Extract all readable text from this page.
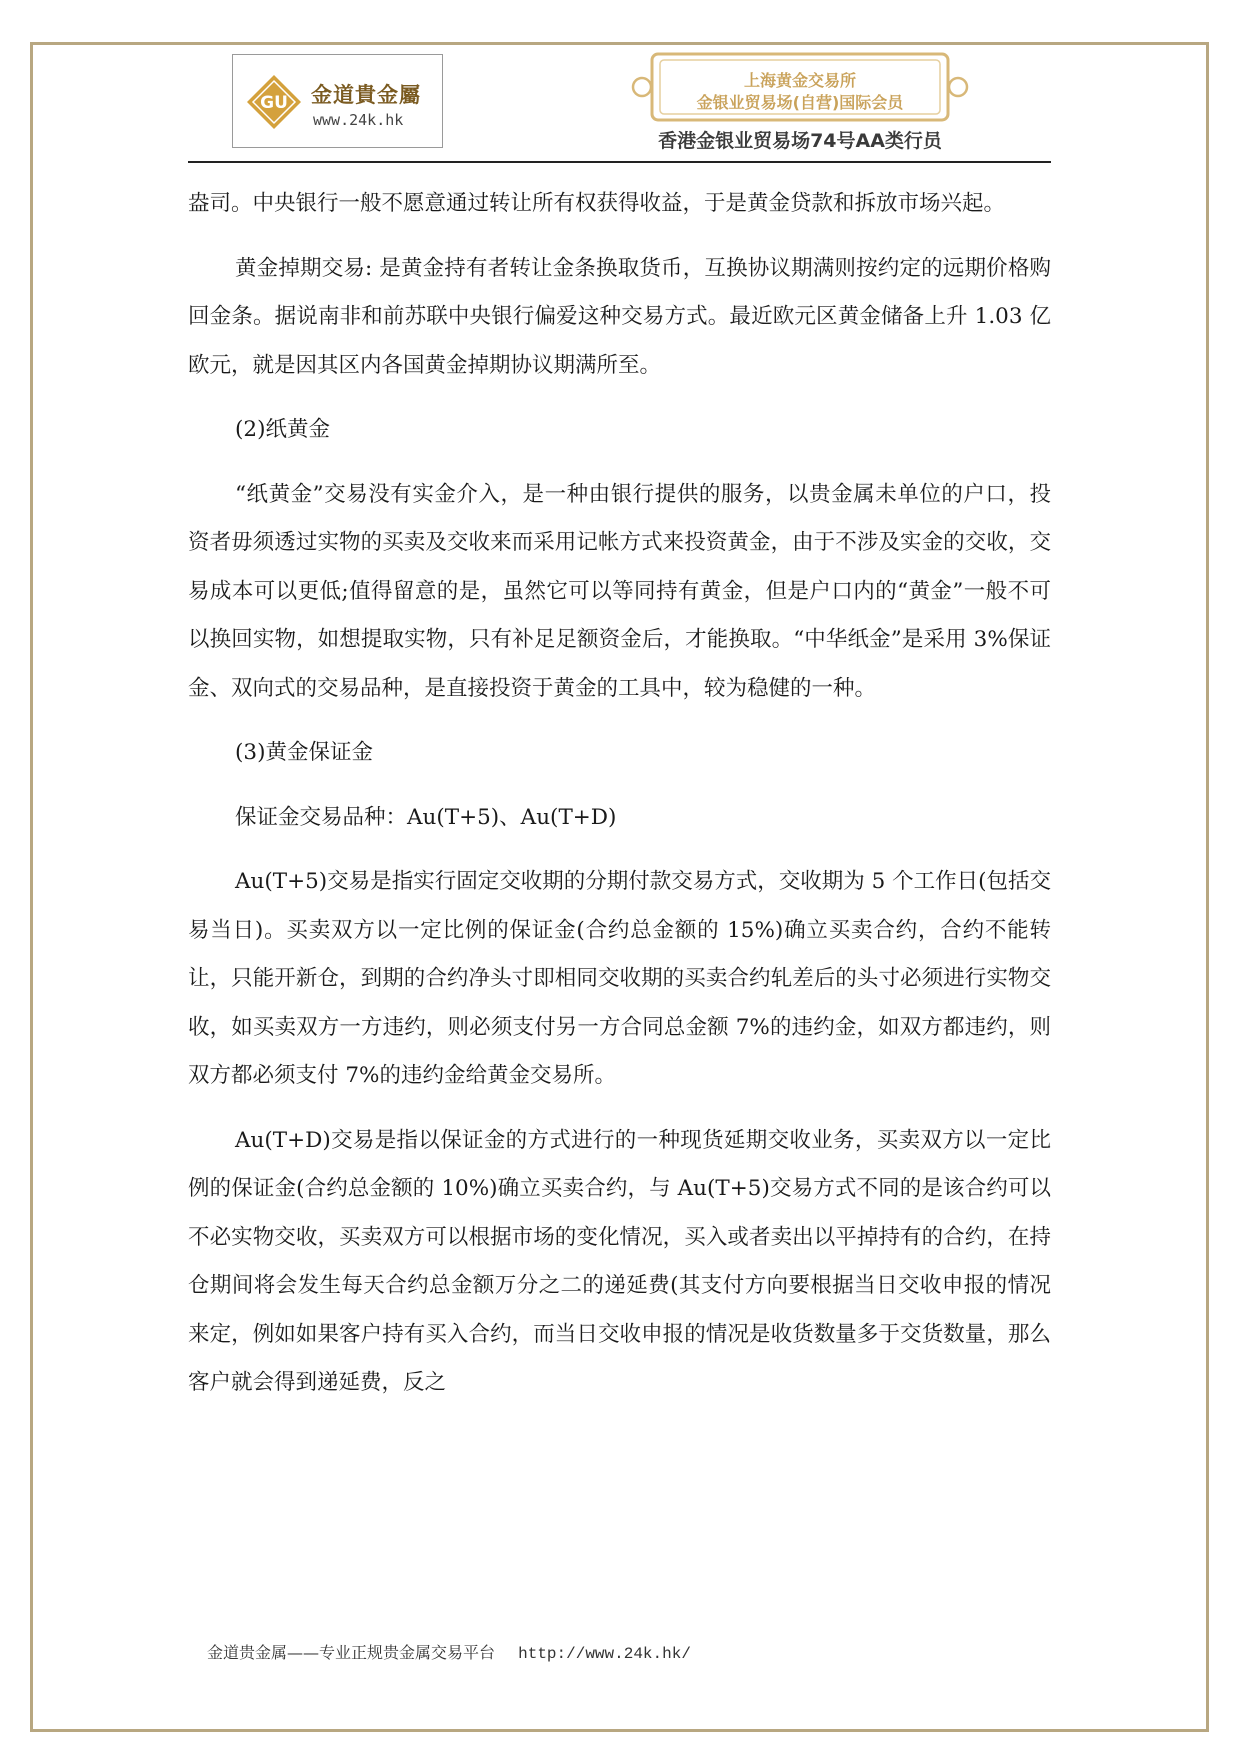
GU 金道貴金屬
www.24k.hk
上海黄金交易所
金银业贸易场(自营)国际会员
香港金银业贸易场74号AA类行员

盎司。中央银行一般不愿意通过转让所有权获得收益，于是黄金贷款和拆放市场兴起。

黄金掉期交易: 是黄金持有者转让金条换取货币，互换协议期满则按约定的远期价格购回金条。据说南非和前苏联中央银行偏爱这种交易方式。最近欧元区黄金储备上升 1.03 亿欧元，就是因其区内各国黄金掉期协议期满所至。

(2)纸黄金

“纸黄金”交易没有实金介入，是一种由银行提供的服务，以贵金属未单位的户口，投资者毋须透过实物的买卖及交收来而采用记帐方式来投资黄金，由于不涉及实金的交收，交易成本可以更低;值得留意的是，虽然它可以等同持有黄金，但是户口内的“黄金”一般不可以换回实物，如想提取实物，只有补足足额资金后，才能换取。“中华纸金”是采用 3%保证金、双向式的交易品种，是直接投资于黄金的工具中，较为稳健的一种。

(3)黄金保证金

保证金交易品种：Au(T+5)、Au(T+D)

Au(T+5)交易是指实行固定交收期的分期付款交易方式，交收期为 5 个工作日(包括交易当日)。买卖双方以一定比例的保证金(合约总金额的 15%)确立买卖合约，合约不能转让，只能开新仓，到期的合约净头寸即相同交收期的买卖合约轧差后的头寸必须进行实物交收，如买卖双方一方违约，则必须支付另一方合同总金额 7%的违约金，如双方都违约，则双方都必须支付 7%的违约金给黄金交易所。

Au(T+D)交易是指以保证金的方式进行的一种现货延期交收业务，买卖双方以一定比例的保证金(合约总金额的 10%)确立买卖合约，与 Au(T+5)交易方式不同的是该合约可以不必实物交收，买卖双方可以根据市场的变化情况，买入或者卖出以平掉持有的合约，在持仓期间将会发生每天合约总金额万分之二的递延费(其支付方向要根据当日交收申报的情况来定，例如如果客户持有买入合约，而当日交收申报的情况是收货数量多于交货数量，那么客户就会得到递延费，反之

金道贵金属——专业正规贵金属交易平台 http://www.24k.hk/
